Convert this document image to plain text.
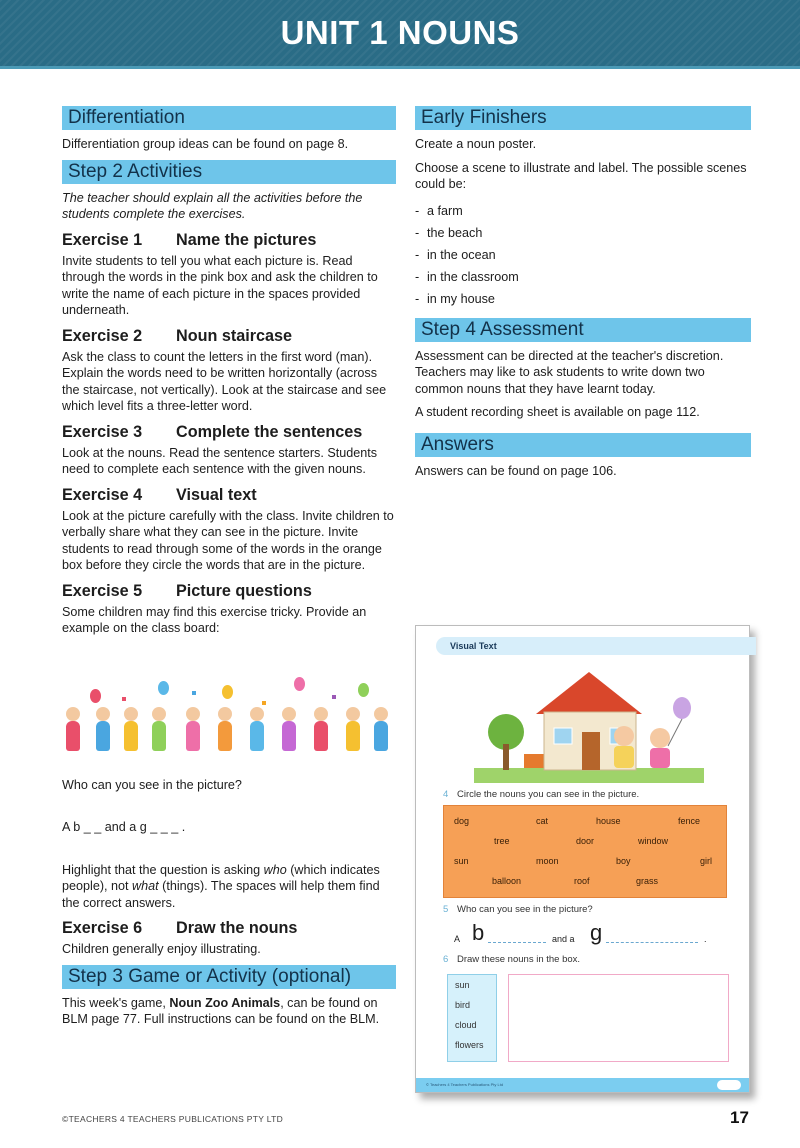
UNIT 1 NOUNS
Differentiation

Differentiation group ideas can be found on page 8.

Step 2 Activities

The teacher should explain all the activities before the students complete the exercises.

Exercise 1 Name the pictures

Invite students to tell you what each picture is. Read through the words in the pink box and ask the children to write the name of each picture in the spaces provided underneath.

Exercise 2 Noun staircase

Ask the class to count the letters in the first word (man). Explain the words need to be written horizontally (across the staircase, not vertically). Look at the staircase and see which level fits a three-letter word.

Exercise 3 Complete the sentences

Look at the nouns. Read the sentence starters. Students need to complete each sentence with the given nouns.

Exercise 4 Visual text

Look at the picture carefully with the class. Invite children to verbally share what they can see in the picture. Invite students to read through some of the words in the orange box before they circle the words that are in the picture.

Exercise 5 Picture questions

Some children may find this exercise tricky. Provide an example on the class board:

Who can you see in the picture?

A b _ _ and a g _ _ _ .

Highlight that the question is asking who (which indicates people), not what (things). The spaces will help them find the correct answers.

Exercise 6 Draw the nouns

Children generally enjoy illustrating.

Step 3 Game or Activity (optional)

This week's game, Noun Zoo Animals, can be found on BLM page 77. Full instructions can be found on the BLM.

Early Finishers

Create a noun poster.

Choose a scene to illustrate and label. The possible scenes could be:

- a farm
- the beach
- in the ocean
- in the classroom
- in my house
Step 4 Assessment

Assessment can be directed at the teacher's discretion. Teachers may like to ask students to write down two common nouns that they have learnt today.

A student recording sheet is available on page 112.

Answers

Answers can be found on page 106.

Visual Text
4 Circle the nouns you can see in the picture.
dog	cat	house	fence
tree	door	window
sun	moon	boy	girl
balloon	roof	grass
5 Who can you see in the picture?
A b	and a g	.
6 Draw these nouns in the box.
sun
bird
cloud
flowers
© Teachers 4 Teachers Publications Pty Ltd
©TEACHERS 4 TEACHERS PUBLICATIONS PTY LTD	17
